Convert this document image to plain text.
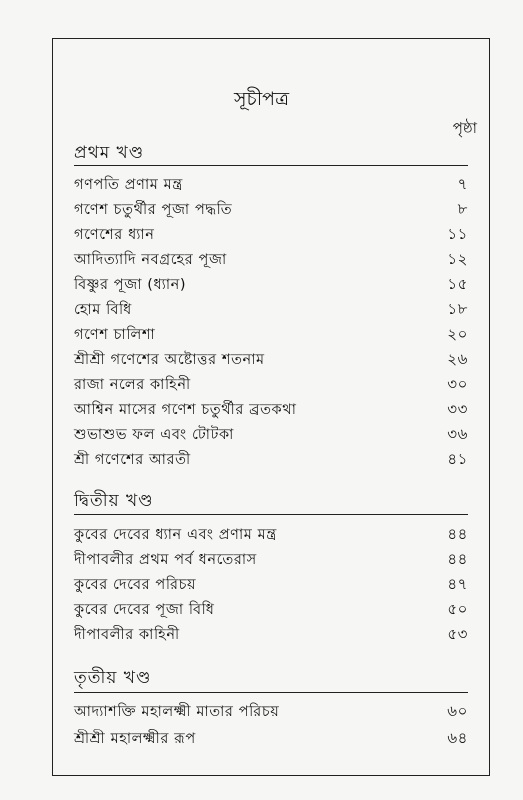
সূচীপত্র
পৃষ্ঠা
প্রথম খণ্ড
গণপতি প্রণাম মন্ত্র	৭
গণেশ চতুর্থীর পূজা পদ্ধতি	৮
গণেশের ধ্যান	১১
আদিত্যাদি নবগ্রহের পূজা	১২
বিষ্ণুর পূজা (ধ্যান)	১৫
হোম বিধি	১৮
গণেশ চালিশা	২০
শ্রীশ্রী গণেশের অষ্টোত্তর শতনাম	২৬
রাজা নলের কাহিনী	৩০
আশ্বিন মাসের গণেশ চতুর্থীর ব্রতকথা	৩৩
শুভাশুভ ফল এবং টোটকা	৩৬
শ্রী গণেশের আরতী	৪১
দ্বিতীয় খণ্ড
কুবের দেবের ধ্যান এবং প্রণাম মন্ত্র	৪৪
দীপাবলীর প্রথম পর্ব ধনতেরাস	৪৪
কুবের দেবের পরিচয়	৪৭
কুবের দেবের পূজা বিধি	৫০
দীপাবলীর কাহিনী	৫৩
তৃতীয় খণ্ড
আদ্যাশক্তি মহালক্ষ্মী মাতার পরিচয়	৬০
শ্রীশ্রী মহালক্ষ্মীর রূপ	৬৪
